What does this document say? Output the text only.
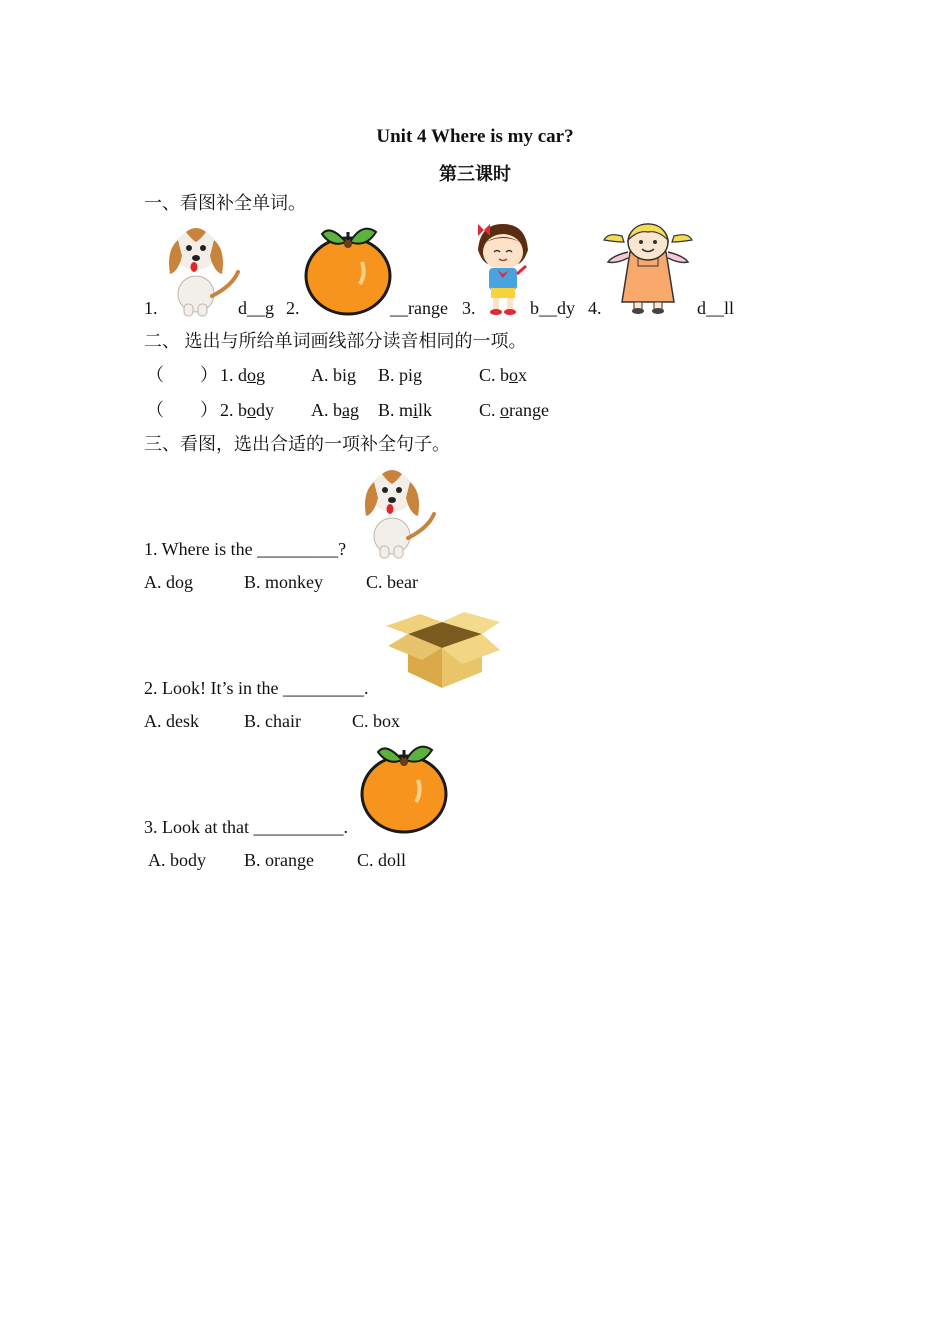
Unit 4 Where is my car?
第三课时
一、看图补全单词。
1.	d__g 2.	__range 3.	b__dy 4.	d__ll
二、 选出与所给单词画线部分读音相同的一项。
（ ） 1. dog	A. big B. pig	C. box
（ ） 2. body A. bag B. milk	C. orange
三、看图，选出合适的一项补全句子。
1. Where is the _________?
A. dog	B. monkey C. bear
2. Look! It’s in the _________.
A. desk	B. chair	C. box
3. Look at that __________.
A. body B. orange C. doll
